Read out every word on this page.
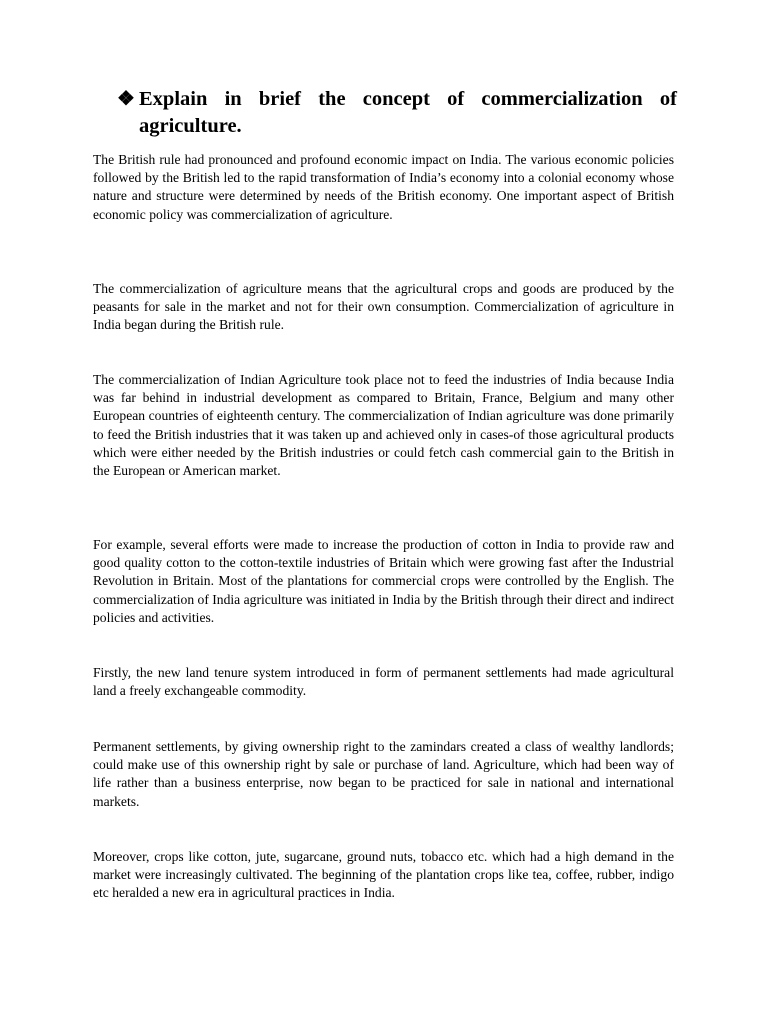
❖ Explain in brief the concept of commercialization of agriculture.

The British rule had pronounced and profound economic impact on India. The various economic policies followed by the British led to the rapid transformation of India’s economy into a colonial economy whose nature and structure were determined by needs of the British economy. One important aspect of British economic policy was commercialization of agriculture.

The commercialization of agriculture means that the agricultural crops and goods are produced by the peasants for sale in the market and not for their own consumption. Commercialization of agriculture in India began during the British rule.

The commercialization of Indian Agriculture took place not to feed the industries of India because India was far behind in industrial development as compared to Britain, France, Belgium and many other European countries of eighteenth century. The commercialization of Indian agriculture was done primarily to feed the British industries that it was taken up and achieved only in cases-of those agricultural products which were either needed by the British industries or could fetch cash commercial gain to the British in the European or American market.

For example, several efforts were made to increase the production of cotton in India to provide raw and good quality cotton to the cotton-textile industries of Britain which were growing fast after the Industrial Revolution in Britain. Most of the plantations for commercial crops were controlled by the English. The commercialization of India agriculture was initiated in India by the British through their direct and indirect policies and activities.

Firstly, the new land tenure system introduced in form of permanent settlements had made agricultural land a freely exchangeable commodity.

Permanent settlements, by giving ownership right to the zamindars created a class of wealthy landlords; could make use of this ownership right by sale or purchase of land. Agriculture, which had been way of life rather than a business enterprise, now began to be practiced for sale in national and international markets.

Moreover, crops like cotton, jute, sugarcane, ground nuts, tobacco etc. which had a high demand in the market were increasingly cultivated. The beginning of the plantation crops like tea, coffee, rubber, indigo etc heralded a new era in agricultural practices in India.
